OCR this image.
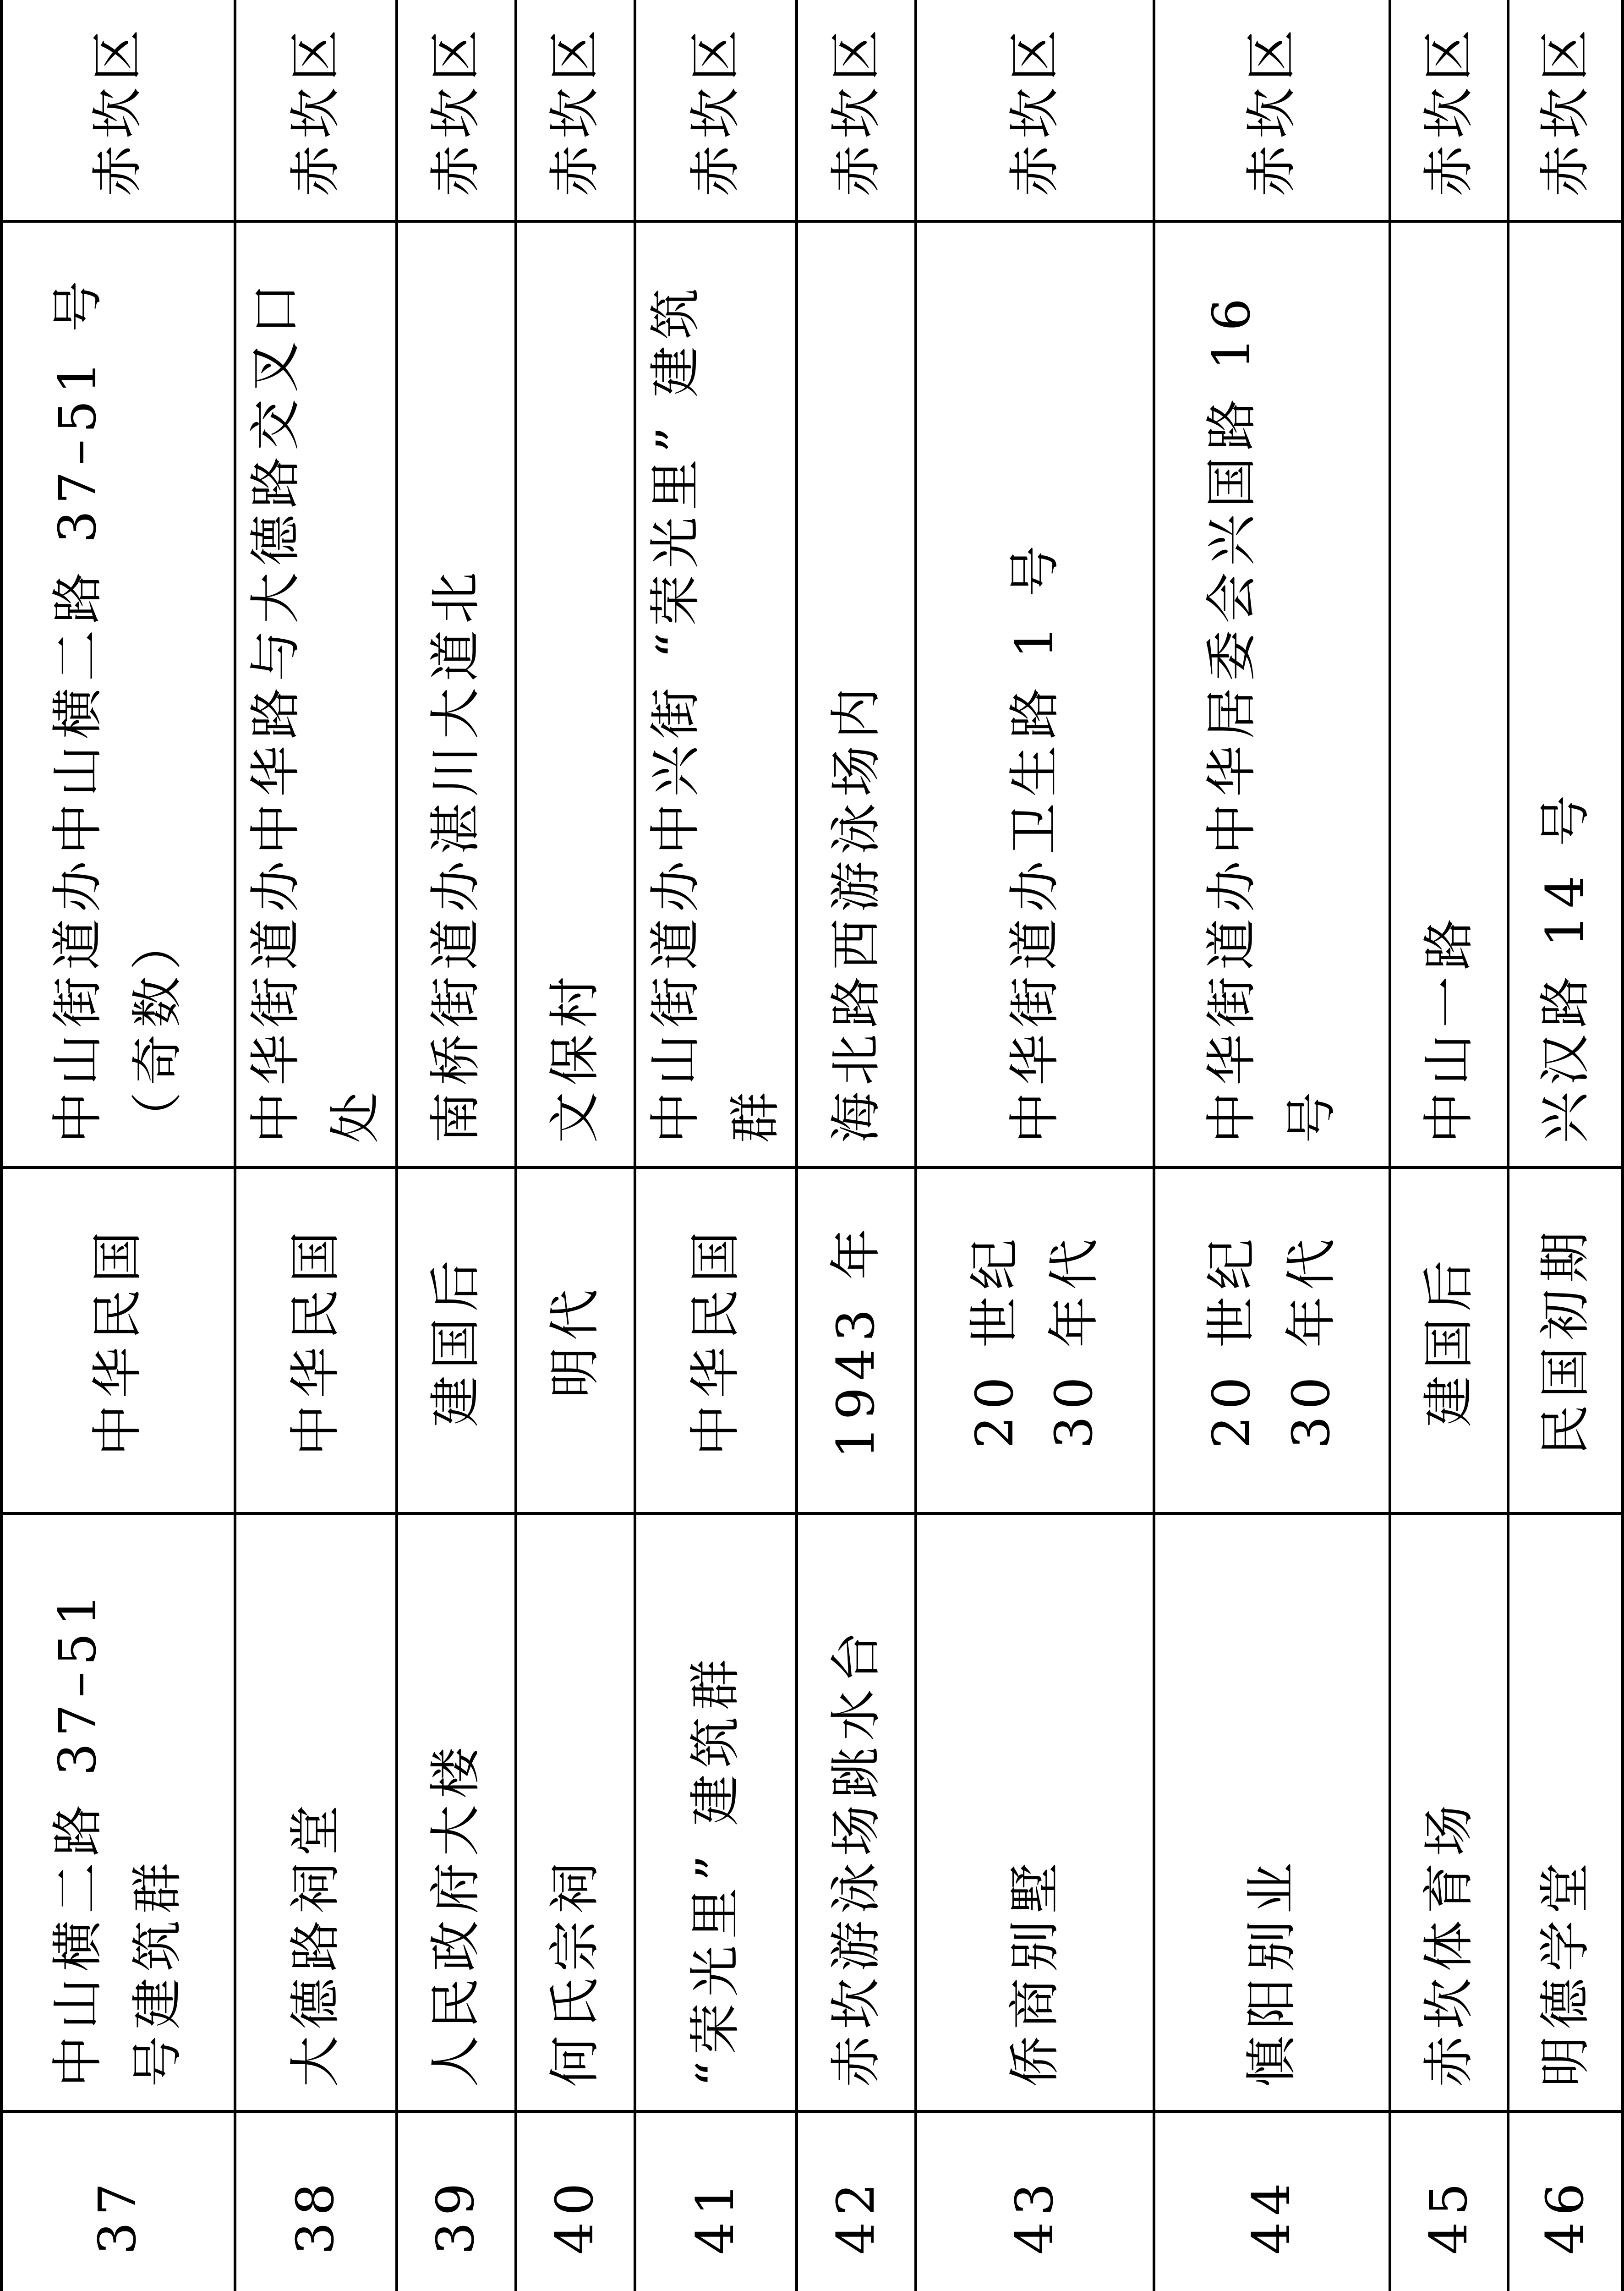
37	中山横二路 37–51 号建筑群	中华民国	中山街道办中山横二路 37–51 号（奇数）	赤坎区
38	大德路祠堂	中华民国	中华街道办中华路与大德路交叉口处	赤坎区
39	人民政府大楼	建国后	南桥街道办湛川大道北	赤坎区
40	何氏宗祠	明代	文保村	赤坎区
41	“荣光里” 建筑群	中华民国	中山街道办中兴街 “荣光里” 建筑群	赤坎区
42	赤坎游泳场跳水台	1943 年	海北路西游泳场内	赤坎区
43	侨商别墅	20 世纪 30 年代	中华街道办卫生路 1 号	赤坎区
44	慎阳别业	20 世纪 30 年代	中华街道办中华居委会兴国路 16 号	赤坎区
45	赤坎体育场	建国后	中山一路	赤坎区
46	明德学堂	民国初期	兴汉路 14 号	赤坎区
